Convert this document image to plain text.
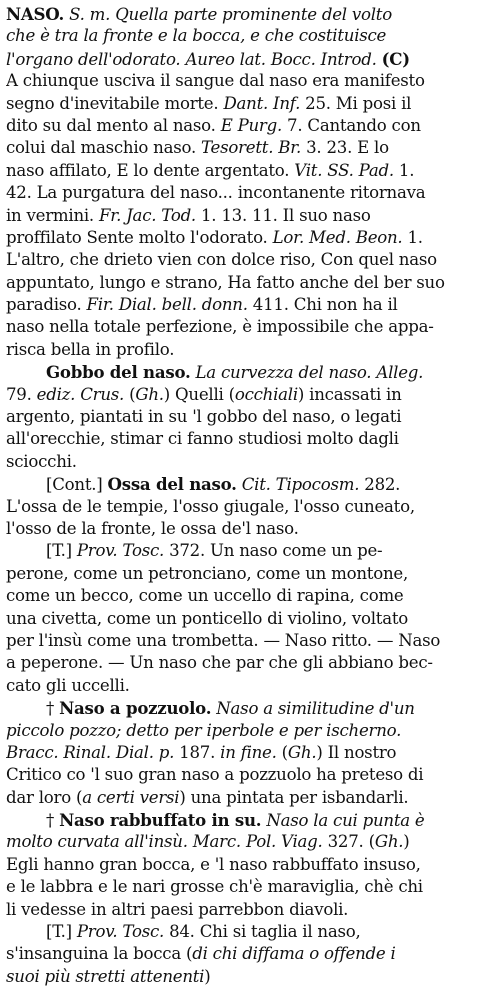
NASO. S. m. Quella parte prominente del volto
che è tra la fronte e la bocca, e che costituisce
l'organo dell'odorato. Aureo lat. Bocc. Introd. (C)
A chiunque usciva il sangue dal naso era manifesto
segno d'inevitabile morte. Dant. Inf. 25. Mi posi il
dito su dal mento al naso. E Purg. 7. Cantando con
colui dal maschio naso. Tesorett. Br. 3. 23. E lo
naso affilato, E lo dente argentato. Vit. SS. Pad. 1.
42. La purgatura del naso... incontanente ritornava
in vermini. Fr. Jac. Tod. 1. 13. 11. Il suo naso
proffilato Sente molto l'odorato. Lor. Med. Beon. 1.
L'altro, che drieto vien con dolce riso, Con quel naso
appuntato, lungo e strano, Ha fatto anche del ber suo
paradiso. Fir. Dial. bell. donn. 411. Chi non ha il
naso nella totale perfezione, è impossibile che appa-
risca bella in profilo.
Gobbo del naso. La curvezza del naso. Alleg.
79. ediz. Crus. (Gh.) Quelli (occhiali) incassati in
argento, piantati in su 'l gobbo del naso, o legati
all'orecchie, stimar ci fanno studiosi molto dagli
sciocchi.
[Cont.] Ossa del naso. Cit. Tipocosm. 282.
L'ossa de le tempie, l'osso giugale, l'osso cuneato,
l'osso de la fronte, le ossa de'l naso.
[T.] Prov. Tosc. 372. Un naso come un pe-
perone, come un petronciano, come un montone,
come un becco, come un uccello di rapina, come
una civetta, come un ponticello di violino, voltato
per l'insù come una trombetta. — Naso ritto. — Naso
a peperone. — Un naso che par che gli abbiano bec-
cato gli uccelli.
† Naso a pozzuolo. Naso a similitudine d'un
piccolo pozzo; detto per iperbole e per ischerno.
Bracc. Rinal. Dial. p. 187. in fine. (Gh.) Il nostro
Critico co 'l suo gran naso a pozzuolo ha preteso di
dar loro (a certi versi) una pintata per isbandarli.
† Naso rabbuffato in su. Naso la cui punta è
molto curvata all'insù. Marc. Pol. Viag. 327. (Gh.)
Egli hanno gran bocca, e 'l naso rabbuffato insuso,
e le labbra e le nari grosse ch'è maraviglia, chè chi
li vedesse in altri paesi parrebbon diavoli.
[T.] Prov. Tosc. 84. Chi si taglia il naso,
s'insanguina la bocca (di chi diffama o offende i
suoi più stretti attenenti)
